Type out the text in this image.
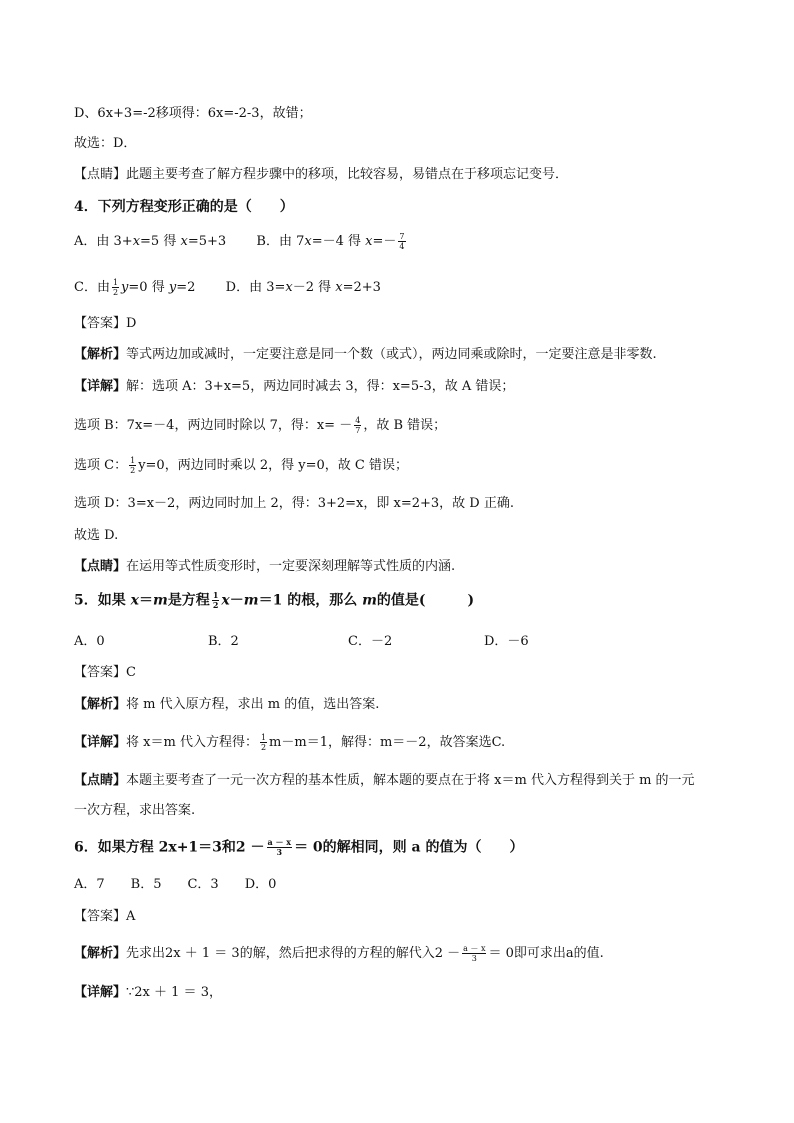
D、6x+3=-2移项得：6x=-2-3，故错；
故选：D．
【点睛】此题主要考查了解方程步骤中的移项，比较容易，易错点在于移项忘记变号．
4．下列方程变形正确的是（　　）
A．由 3+x=5 得 x=5+3 B．由 7x=－4 得 $x=- \frac{7}{4}$
C．由 $\frac{1}{2} y=0$ 得 y=2 D．由 3=x－2 得 x=2+3
【答案】D
【解析】等式两边加或减时，一定要注意是同一个数（或式），两边同乘或除时，一定要注意是非零数.
【详解】解：选项 A：3+x=5，两边同时减去 3，得：x=5-3，故 A 错误；
选项 B：7x=－4，两边同时除以 7，得：$x= - \frac{4}{7}$ ，故 B 错误；
选项 C： $\frac{1}{2} y=0$，两边同时乘以 2，得 y=0，故 C 错误；
选项 D：3=x－2，两边同时加上 2，得：3+2=x，即 x=2+3，故 D 正确.
故选 D.
【点睛】在运用等式性质变形时，一定要深刻理解等式性质的内涵.
5．如果 x＝m是方程 $\frac{1}{2} x-m=1$ 的根，那么 m的值是(　　　)
A．0	B．2	C．－2	D．－6
【答案】C
【解析】将 m 代入原方程，求出 m 的值，选出答案.
【详解】将 x＝m 代入方程得： $\frac{1}{2} m-m=1$，解得：m＝－2，故答案选C.
【点睛】本题主要考查了一元一次方程的基本性质，解本题的要点在于将 x＝m 代入方程得到关于 m 的一元
一次方程，求出答案.
6．如果方程 2x+1＝3和$2 - \frac{a - x}{3} = 0$的解相同，则 a 的值为（　　）
A．7　　B．5　　C．3　　D．0
【答案】A
【解析】先求出2x ＋ 1 ＝ 3的解，然后把求得的方程的解代入$2 - \frac{a - x}{3} = 0$即可求出a的值.
【详解】∵2x ＋ 1 ＝ 3，
